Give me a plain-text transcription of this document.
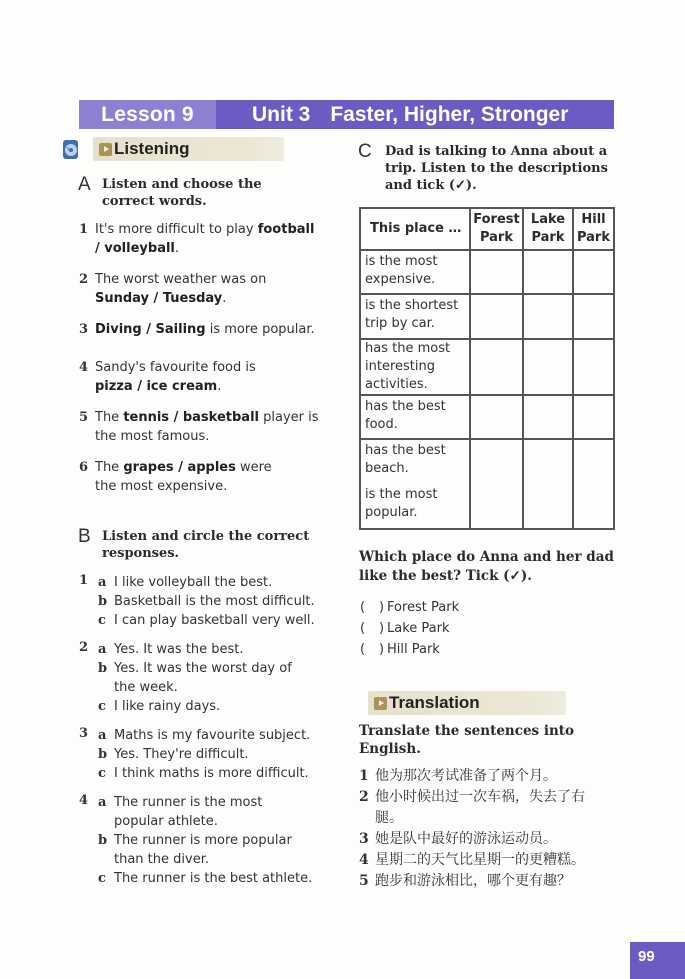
Lesson 9	Unit 3 Faster, Higher, Stronger
Listening
A Listen and choose the correct words.
1 It's more difficult to play football / volleyball.
2 The worst weather was on Sunday / Tuesday.
3 Diving / Sailing is more popular.
4 Sandy's favourite food is pizza / ice cream.
5 The tennis / basketball player is the most famous.
6 The grapes / apples were the most expensive.
B Listen and circle the correct responses.
1 a I like volleyball the best.
b Basketball is the most difficult.
c I can play basketball very well.
2 a Yes. It was the best.
b Yes. It was the worst day of the week.
c I like rainy days.
3 a Maths is my favourite subject.
b Yes. They're difficult.
c I think maths is more difficult.
4 a The runner is the most popular athlete.
b The runner is more popular than the diver.
c The runner is the best athlete.
C	Dad is talking to Anna about a trip. Listen to the descriptions and tick (✓).
This place …	Forest Park	Lake Park	Hill Park
is the most expensive.			
is the shortest trip by car.			
has the most interesting activities.			
has the best food.			

has the best beach.
is the most popular.			

Which place do Anna and her dad like the best? Tick (✓).
(	) Forest Park
(	) Lake Park
(	) Hill Park
Translation
Translate the sentences into English.
1 他为那次考试准备了两个月。
2 他小时候出过一次车祸，失去了右腿。
3 她是队中最好的游泳运动员。
4 星期二的天气比星期一的更糟糕。
5 跑步和游泳相比，哪个更有趣？
99
